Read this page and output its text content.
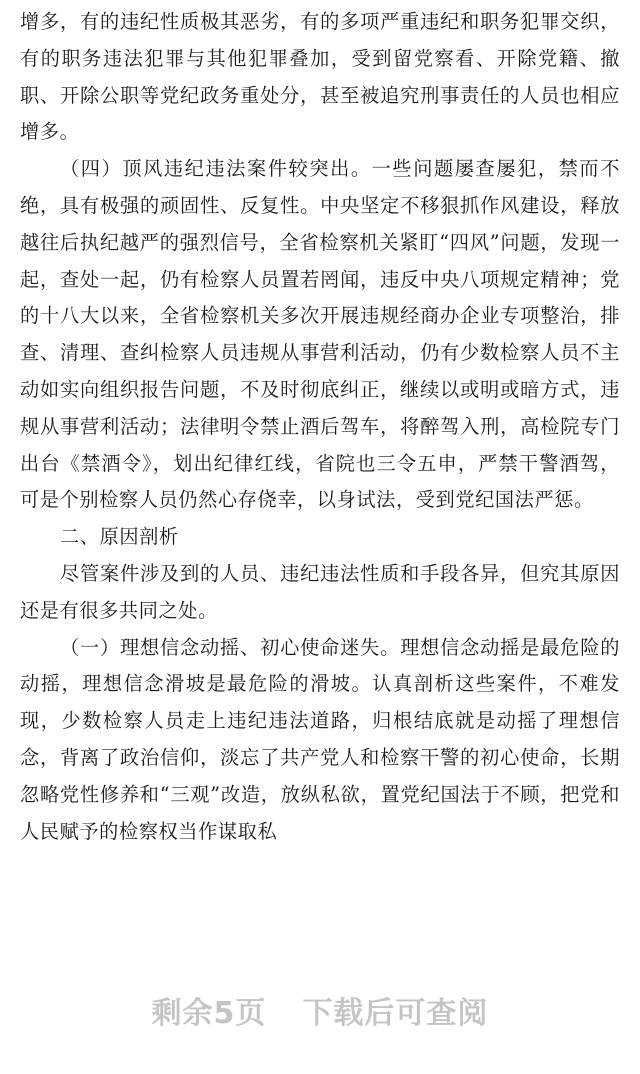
增多，有的违纪性质极其恶劣，有的多项严重违纪和职务犯罪交织，有的职务违法犯罪与其他犯罪叠加，受到留党察看、开除党籍、撤职、开除公职等党纪政务重处分，甚至被追究刑事责任的人员也相应增多。

（四）顶风违纪违法案件较突出。一些问题屡查屡犯，禁而不绝，具有极强的顽固性、反复性。中央坚定不移狠抓作风建设，释放越往后执纪越严的强烈信号，全省检察机关紧盯“四风”问题，发现一起，查处一起，仍有检察人员置若罔闻，违反中央八项规定精神；党的十八大以来，全省检察机关多次开展违规经商办企业专项整治，排查、清理、查纠检察人员违规从事营利活动，仍有少数检察人员不主动如实向组织报告问题，不及时彻底纠正，继续以或明或暗方式，违规从事营利活动；法律明令禁止酒后驾车，将醉驾入刑，高检院专门出台《禁酒令》，划出纪律红线，省院也三令五申，严禁干警酒驾，可是个别检察人员仍然心存侥幸，以身试法，受到党纪国法严惩。

二、原因剖析

尽管案件涉及到的人员、违纪违法性质和手段各异，但究其原因还是有很多共同之处。

（一）理想信念动摇、初心使命迷失。理想信念动摇是最危险的动摇，理想信念滑坡是最危险的滑坡。认真剖析这些案件，不难发现，少数检察人员走上违纪违法道路，归根结底就是动摇了理想信念，背离了政治信仰，淡忘了共产党人和检察干警的初心使命，长期忽略党性修养和“三观”改造，放纵私欲，置党纪国法于不顾，把党和人民赋予的检察权当作谋取私

剩余5页 下载后可查阅
